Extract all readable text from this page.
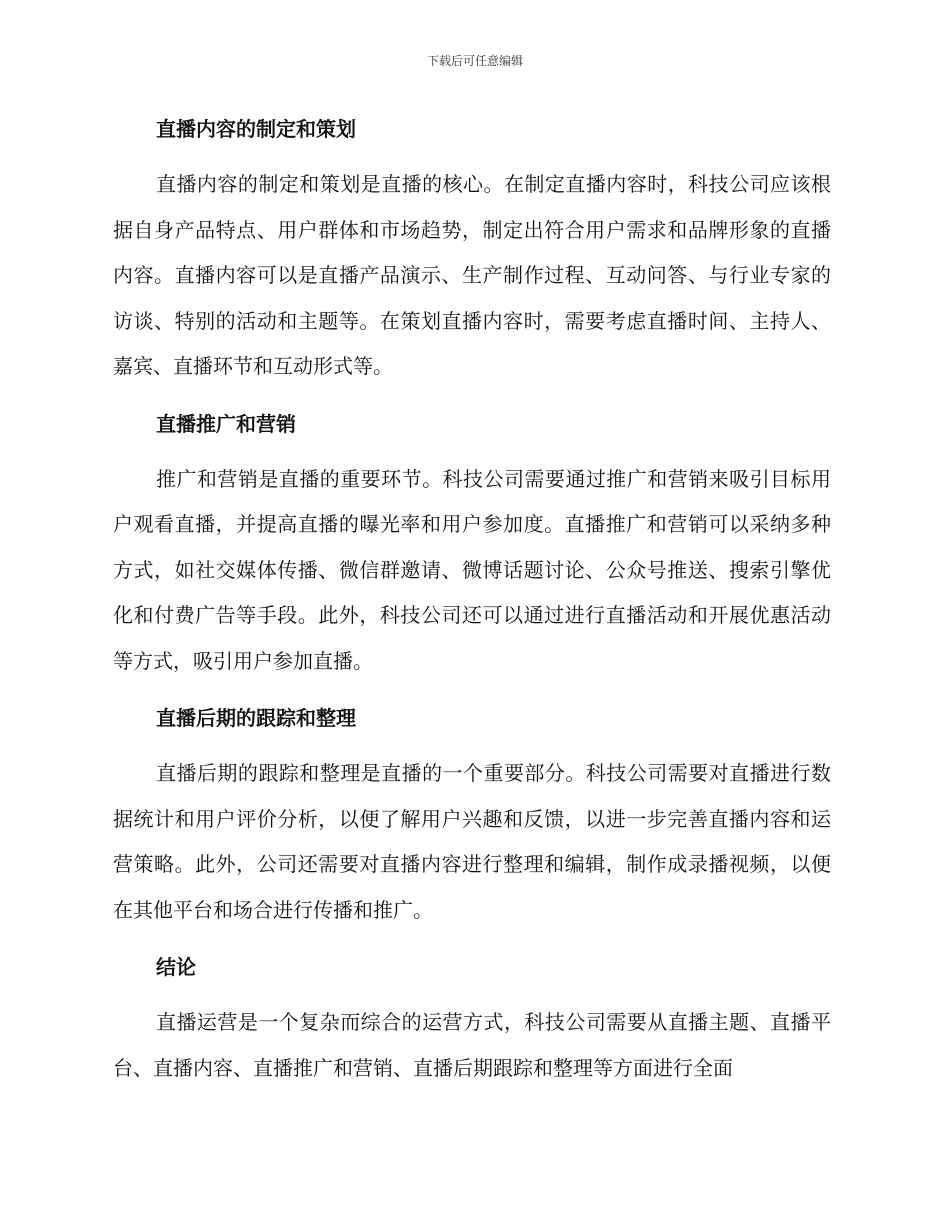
下载后可任意编辑
直播内容的制定和策划

直播内容的制定和策划是直播的核心。在制定直播内容时，科技公司应该根据自身产品特点、用户群体和市场趋势，制定出符合用户需求和品牌形象的直播内容。直播内容可以是直播产品演示、生产制作过程、互动问答、与行业专家的访谈、特别的活动和主题等。在策划直播内容时，需要考虑直播时间、主持人、嘉宾、直播环节和互动形式等。

直播推广和营销

推广和营销是直播的重要环节。科技公司需要通过推广和营销来吸引目标用户观看直播，并提高直播的曝光率和用户参加度。直播推广和营销可以采纳多种方式，如社交媒体传播、微信群邀请、微博话题讨论、公众号推送、搜索引擎优化和付费广告等手段。此外，科技公司还可以通过进行直播活动和开展优惠活动等方式，吸引用户参加直播。

直播后期的跟踪和整理

直播后期的跟踪和整理是直播的一个重要部分。科技公司需要对直播进行数据统计和用户评价分析，以便了解用户兴趣和反馈，以进一步完善直播内容和运营策略。此外，公司还需要对直播内容进行整理和编辑，制作成录播视频，以便在其他平台和场合进行传播和推广。

结论

直播运营是一个复杂而综合的运营方式，科技公司需要从直播主题、直播平台、直播内容、直播推广和营销、直播后期跟踪和整理等方面进行全面
